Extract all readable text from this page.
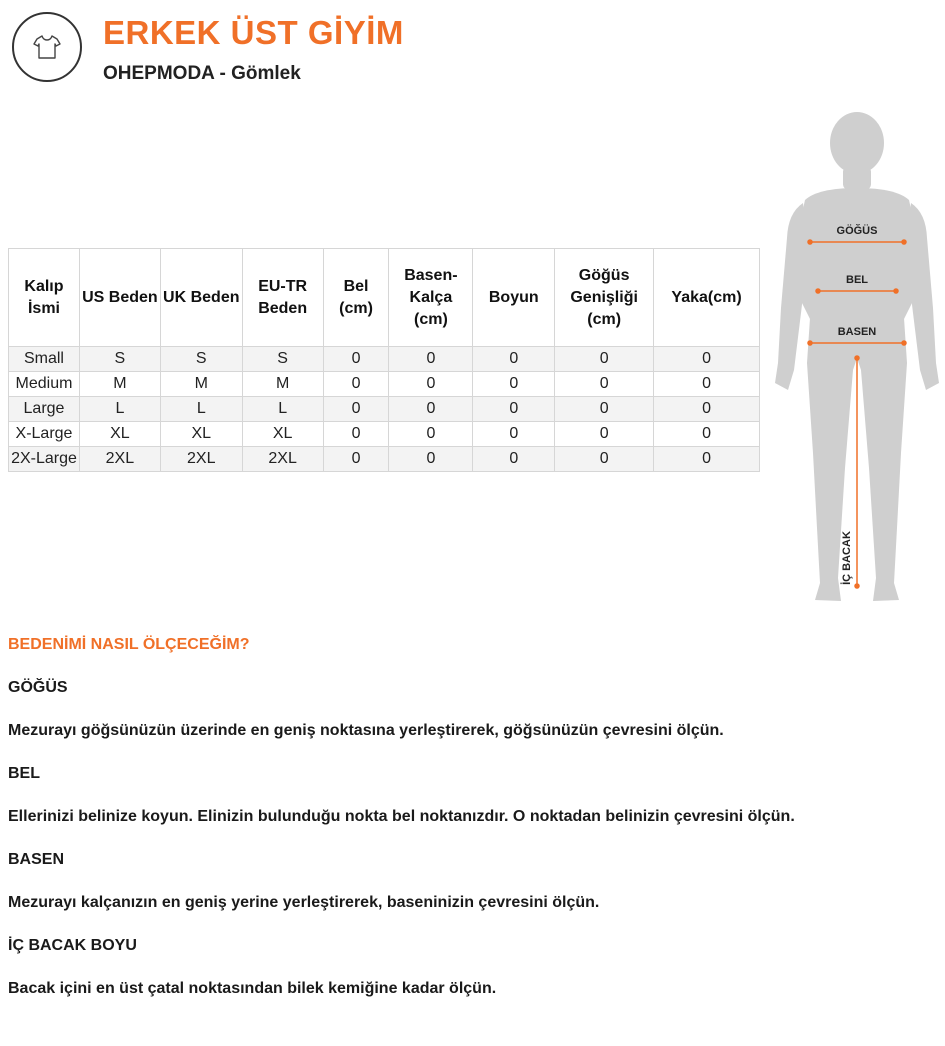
ERKEK ÜST GİYİM
OHEPMODA - Gömlek
Kalıp İsmi	US Beden	UK Beden	EU-TR Beden	Bel (cm)	Basen-Kalça (cm)	Boyun	Göğüs Genişliği (cm)	Yaka(cm)
Small	S	S	S	0	0	0	0	0
Medium	M	M	M	0	0	0	0	0
Large	L	L	L	0	0	0	0	0
X-Large	XL	XL	XL	0	0	0	0	0
2X-Large	2XL	2XL	2XL	0	0	0	0	0
GÖĞÜS
BEL
BASEN
İÇ BACAK

BEDENİMİ NASIL ÖLÇECEĞİM?

GÖĞÜS

Mezurayı göğsünüzün üzerinde en geniş noktasına yerleştirerek, göğsünüzün çevresini ölçün.

BEL

Ellerinizi belinize koyun. Elinizin bulunduğu nokta bel noktanızdır. O noktadan belinizin çevresini ölçün.

BASEN

Mezurayı kalçanızın en geniş yerine yerleştirerek, baseninizin çevresini ölçün.

İÇ BACAK BOYU

Bacak içini en üst çatal noktasından bilek kemiğine kadar ölçün.
